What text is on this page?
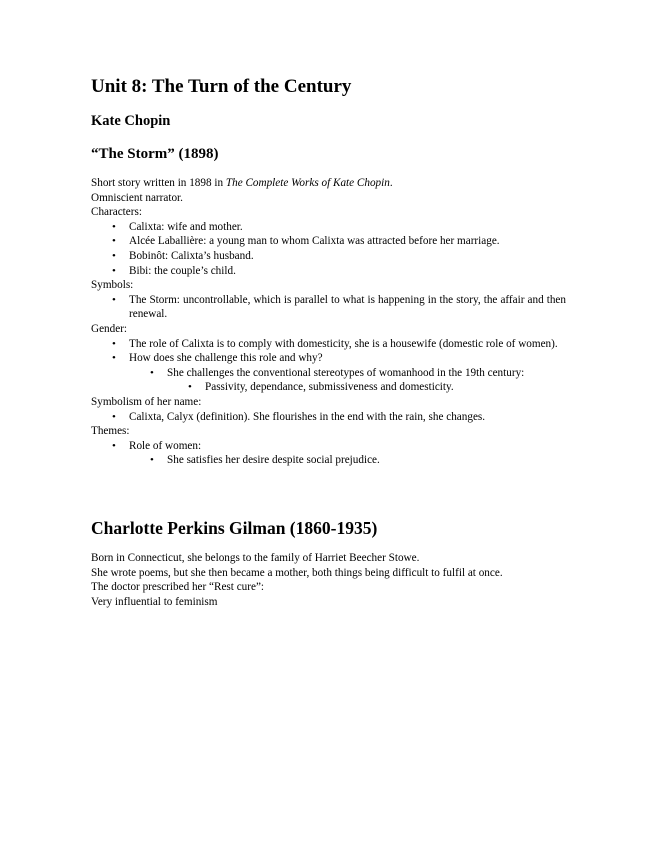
Unit 8: The Turn of the Century
Kate Chopin
“The Storm” (1898)

Short story written in 1898 in The Complete Works of Kate Chopin.

Omniscient narrator.

Characters:

• Calixta: wife and mother.
• Alcée Laballière: a young man to whom Calixta was attracted before her marriage.
• Bobinôt: Calixta’s husband.
• Bibi: the couple’s child.

Symbols:

• The Storm: uncontrollable, which is parallel to what is happening in the story, the affair and then renewal.

Gender:

• The role of Calixta is to comply with domesticity, she is a housewife (domestic role of women).
• How does she challenge this role and why?
• She challenges the conventional stereotypes of womanhood in the 19th century:
• Passivity, dependance, submissiveness and domesticity.

Symbolism of her name:

• Calixta, Calyx (definition). She flourishes in the end with the rain, she changes.

Themes:

• Role of women:
• She satisfies her desire despite social prejudice.
Charlotte Perkins Gilman (1860-1935)

Born in Connecticut, she belongs to the family of Harriet Beecher Stowe.

She wrote poems, but she then became a mother, both things being difficult to fulfil at once.

The doctor prescribed her “Rest cure”:

Very influential to feminism
